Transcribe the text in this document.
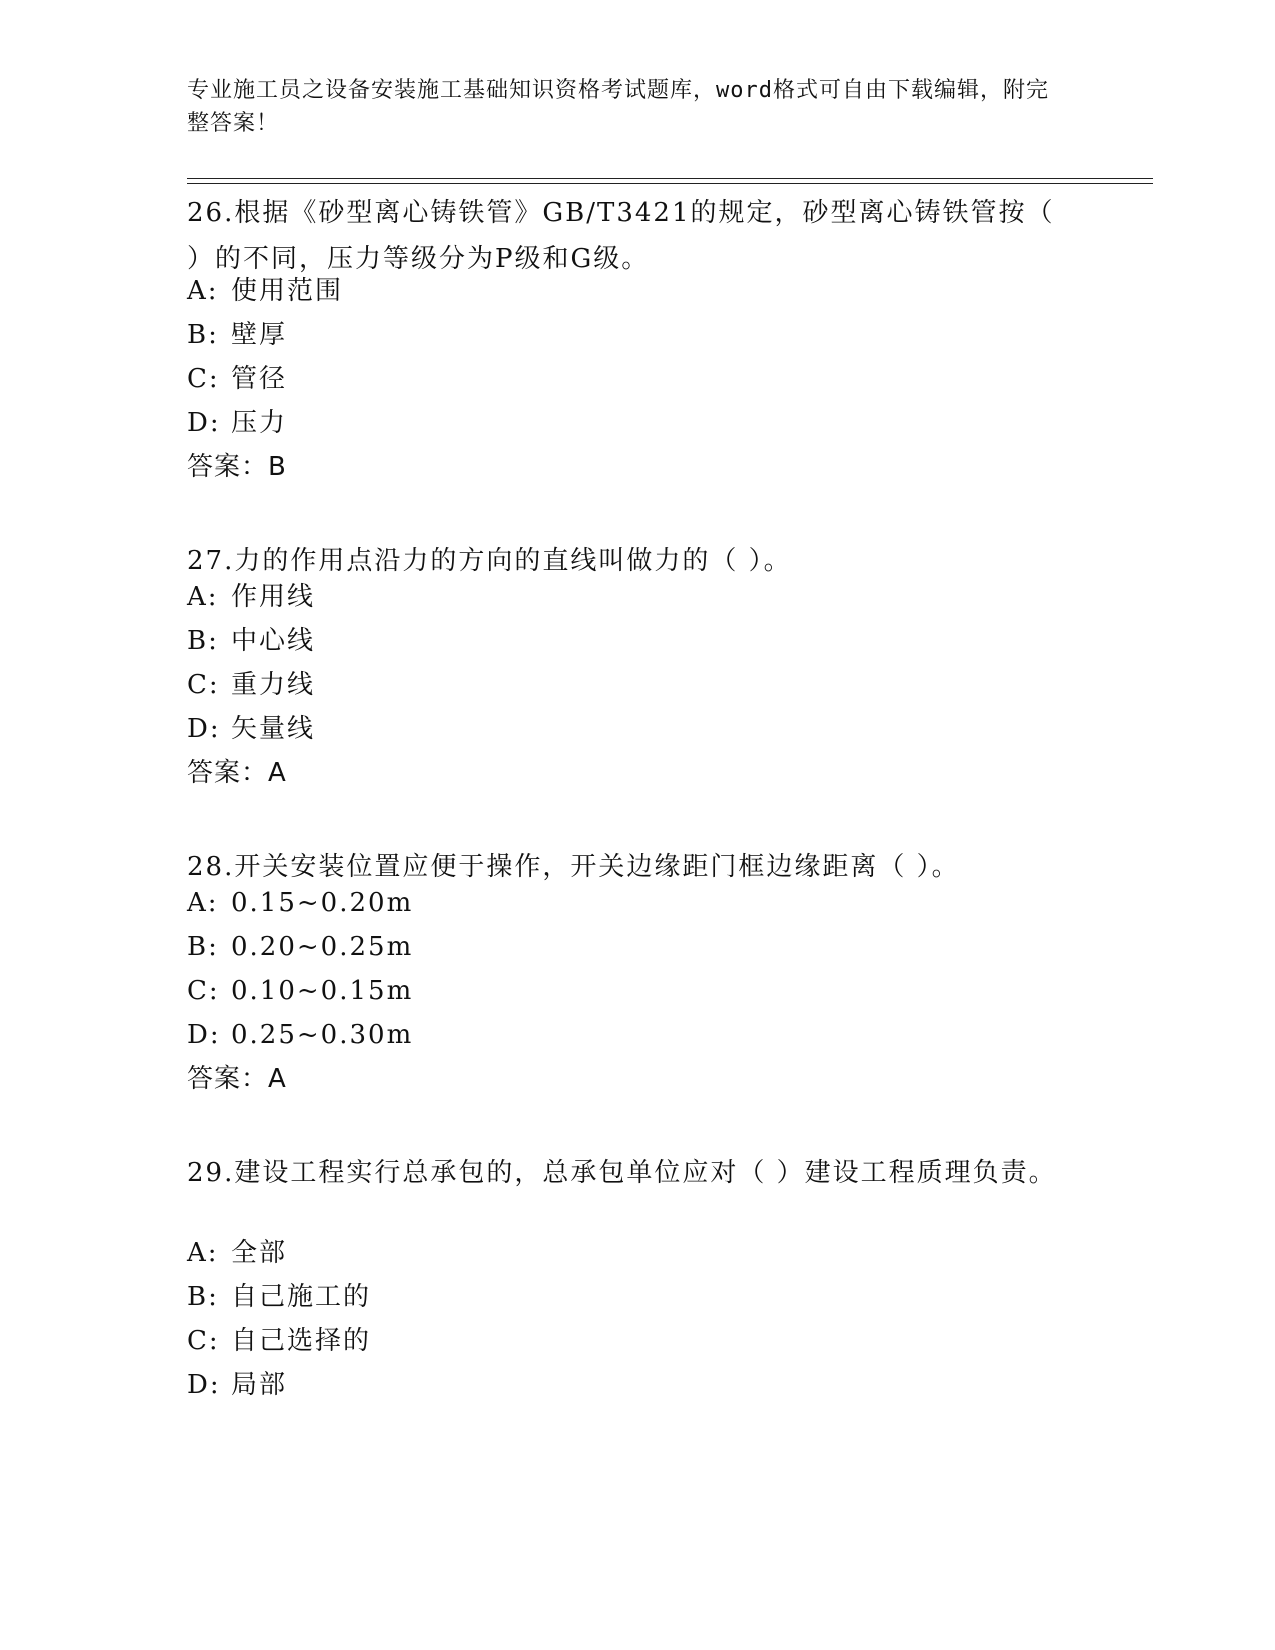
专业施工员之设备安装施工基础知识资格考试题库，word格式可自由下载编辑，附完整答案！
26.根据《砂型离心铸铁管》GB/T3421的规定，砂型离心铸铁管按（ ）的不同，压力等级分为P级和G级。
A: 使用范围
B: 壁厚
C: 管径
D: 压力
答案：B
27.力的作用点沿力的方向的直线叫做力的（ ）。
A: 作用线
B: 中心线
C: 重力线
D: 矢量线
答案：A
28.开关安装位置应便于操作，开关边缘距门框边缘距离（ ）。
A: 0.15~0.20m
B: 0.20~0.25m
C: 0.10~0.15m
D: 0.25~0.30m
答案：A
29.建设工程实行总承包的，总承包单位应对（ ）建设工程质理负责。
A: 全部
B: 自己施工的
C: 自己选择的
D: 局部
